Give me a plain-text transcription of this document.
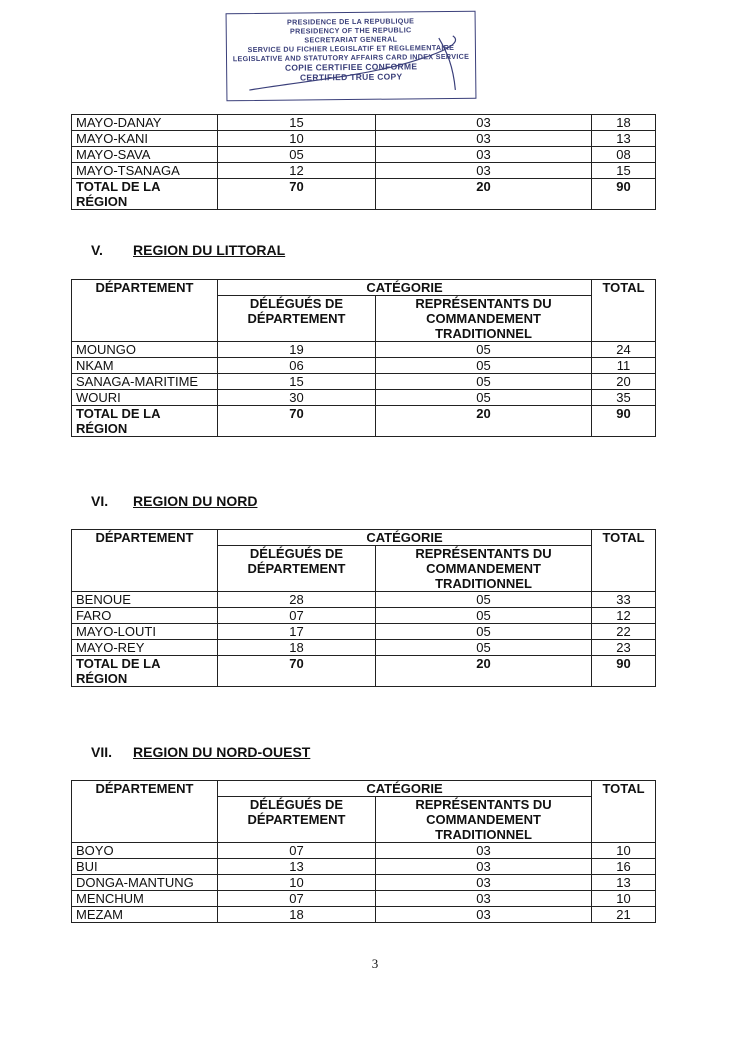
PRESIDENCE DE LA REPUBLIQUE
PRESIDENCY OF THE REPUBLIC
SECRETARIAT GENERAL
SERVICE DU FICHIER LEGISLATIF ET REGLEMENTAIRE
LEGISLATIVE AND STATUTORY AFFAIRS CARD INDEX SERVICE
COPIE CERTIFIEE CONFORME
CERTIFIED TRUE COPY
MAYO-DANAY	15	03	18
MAYO-KANI	10	03	13
MAYO-SAVA	05	03	08
MAYO-TSANAGA	12	03	15
TOTAL DE LA RÉGION	70	20	90
V. REGION DU LITTORAL
DÉPARTEMENT	CATÉGORIE		TOTAL
	DÉLÉGUÉS DE DÉPARTEMENT	REPRÉSENTANTS DU COMMANDEMENT TRADITIONNEL	
MOUNGO	19	05	24
NKAM	06	05	11
SANAGA-MARITIME	15	05	20
WOURI	30	05	35
TOTAL DE LA RÉGION	70	20	90
VI. REGION DU NORD
DÉPARTEMENT	CATÉGORIE		TOTAL
	DÉLÉGUÉS DE DÉPARTEMENT	REPRÉSENTANTS DU COMMANDEMENT TRADITIONNEL	
BENOUE	28	05	33
FARO	07	05	12
MAYO-LOUTI	17	05	22
MAYO-REY	18	05	23
TOTAL DE LA RÉGION	70	20	90
VII. REGION DU NORD-OUEST
DÉPARTEMENT	CATÉGORIE		TOTAL
	DÉLÉGUÉS DE DÉPARTEMENT	REPRÉSENTANTS DU COMMANDEMENT TRADITIONNEL	
BOYO	07	03	10
BUI	13	03	16
DONGA-MANTUNG	10	03	13
MENCHUM	07	03	10
MEZAM	18	03	21
3
